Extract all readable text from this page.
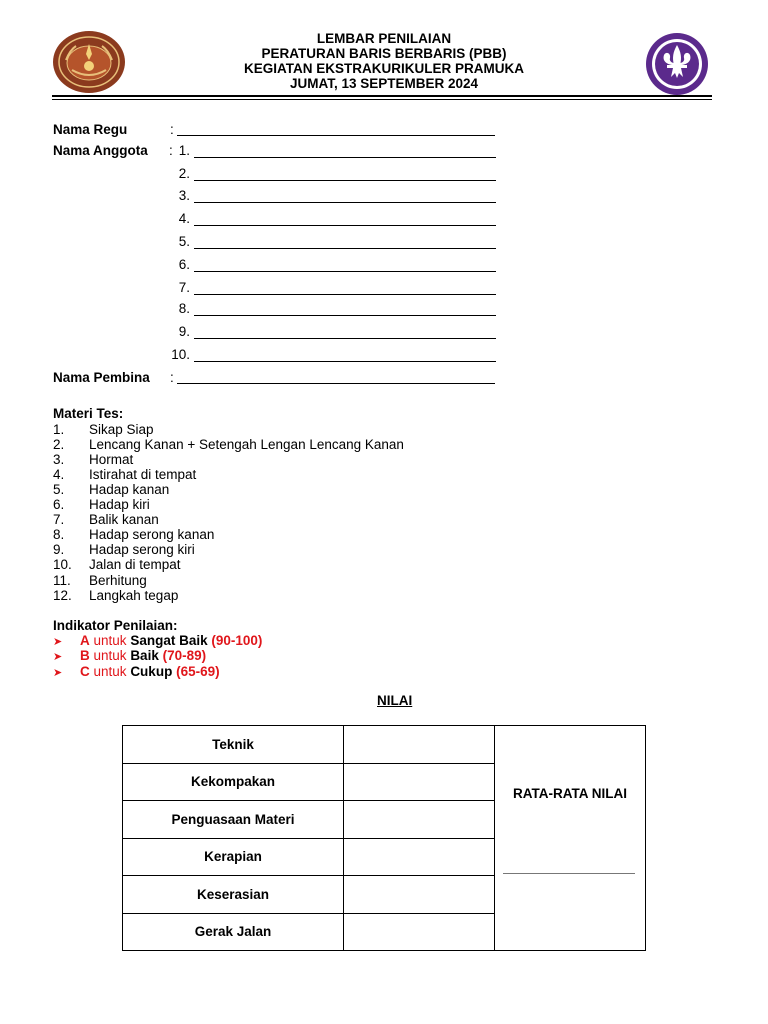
LEMBAR PENILAIAN
PERATURAN BARIS BERBARIS (PBB)
KEGIATAN EKSTRAKURIKULER PRAMUKA
JUMAT, 13 SEPTEMBER 2024
Nama Regu	:
Nama Anggota : 1.
2.
3.
4.
5.
6.
7.
8.
9.
10.
Nama Pembina :
Materi Tes:
1. Sikap Siap
2. Lencang Kanan + Setengah Lengan Lencang Kanan
3. Hormat
4. Istirahat di tempat
5. Hadap kanan
6. Hadap kiri
7. Balik kanan
8. Hadap serong kanan
9. Hadap serong kiri
10. Jalan di tempat
11. Berhitung
12. Langkah tegap
Indikator Penilaian:
➤ A untuk Sangat Baik (90-100)
➤ B untuk Baik (70-89)
➤ C untuk Cukup (65-69)
NILAI
Teknik		RATA-RATA NILAI

Kekompakan		
Penguasaan Materi		
Kerapian		
Keserasian		
Gerak Jalan		
